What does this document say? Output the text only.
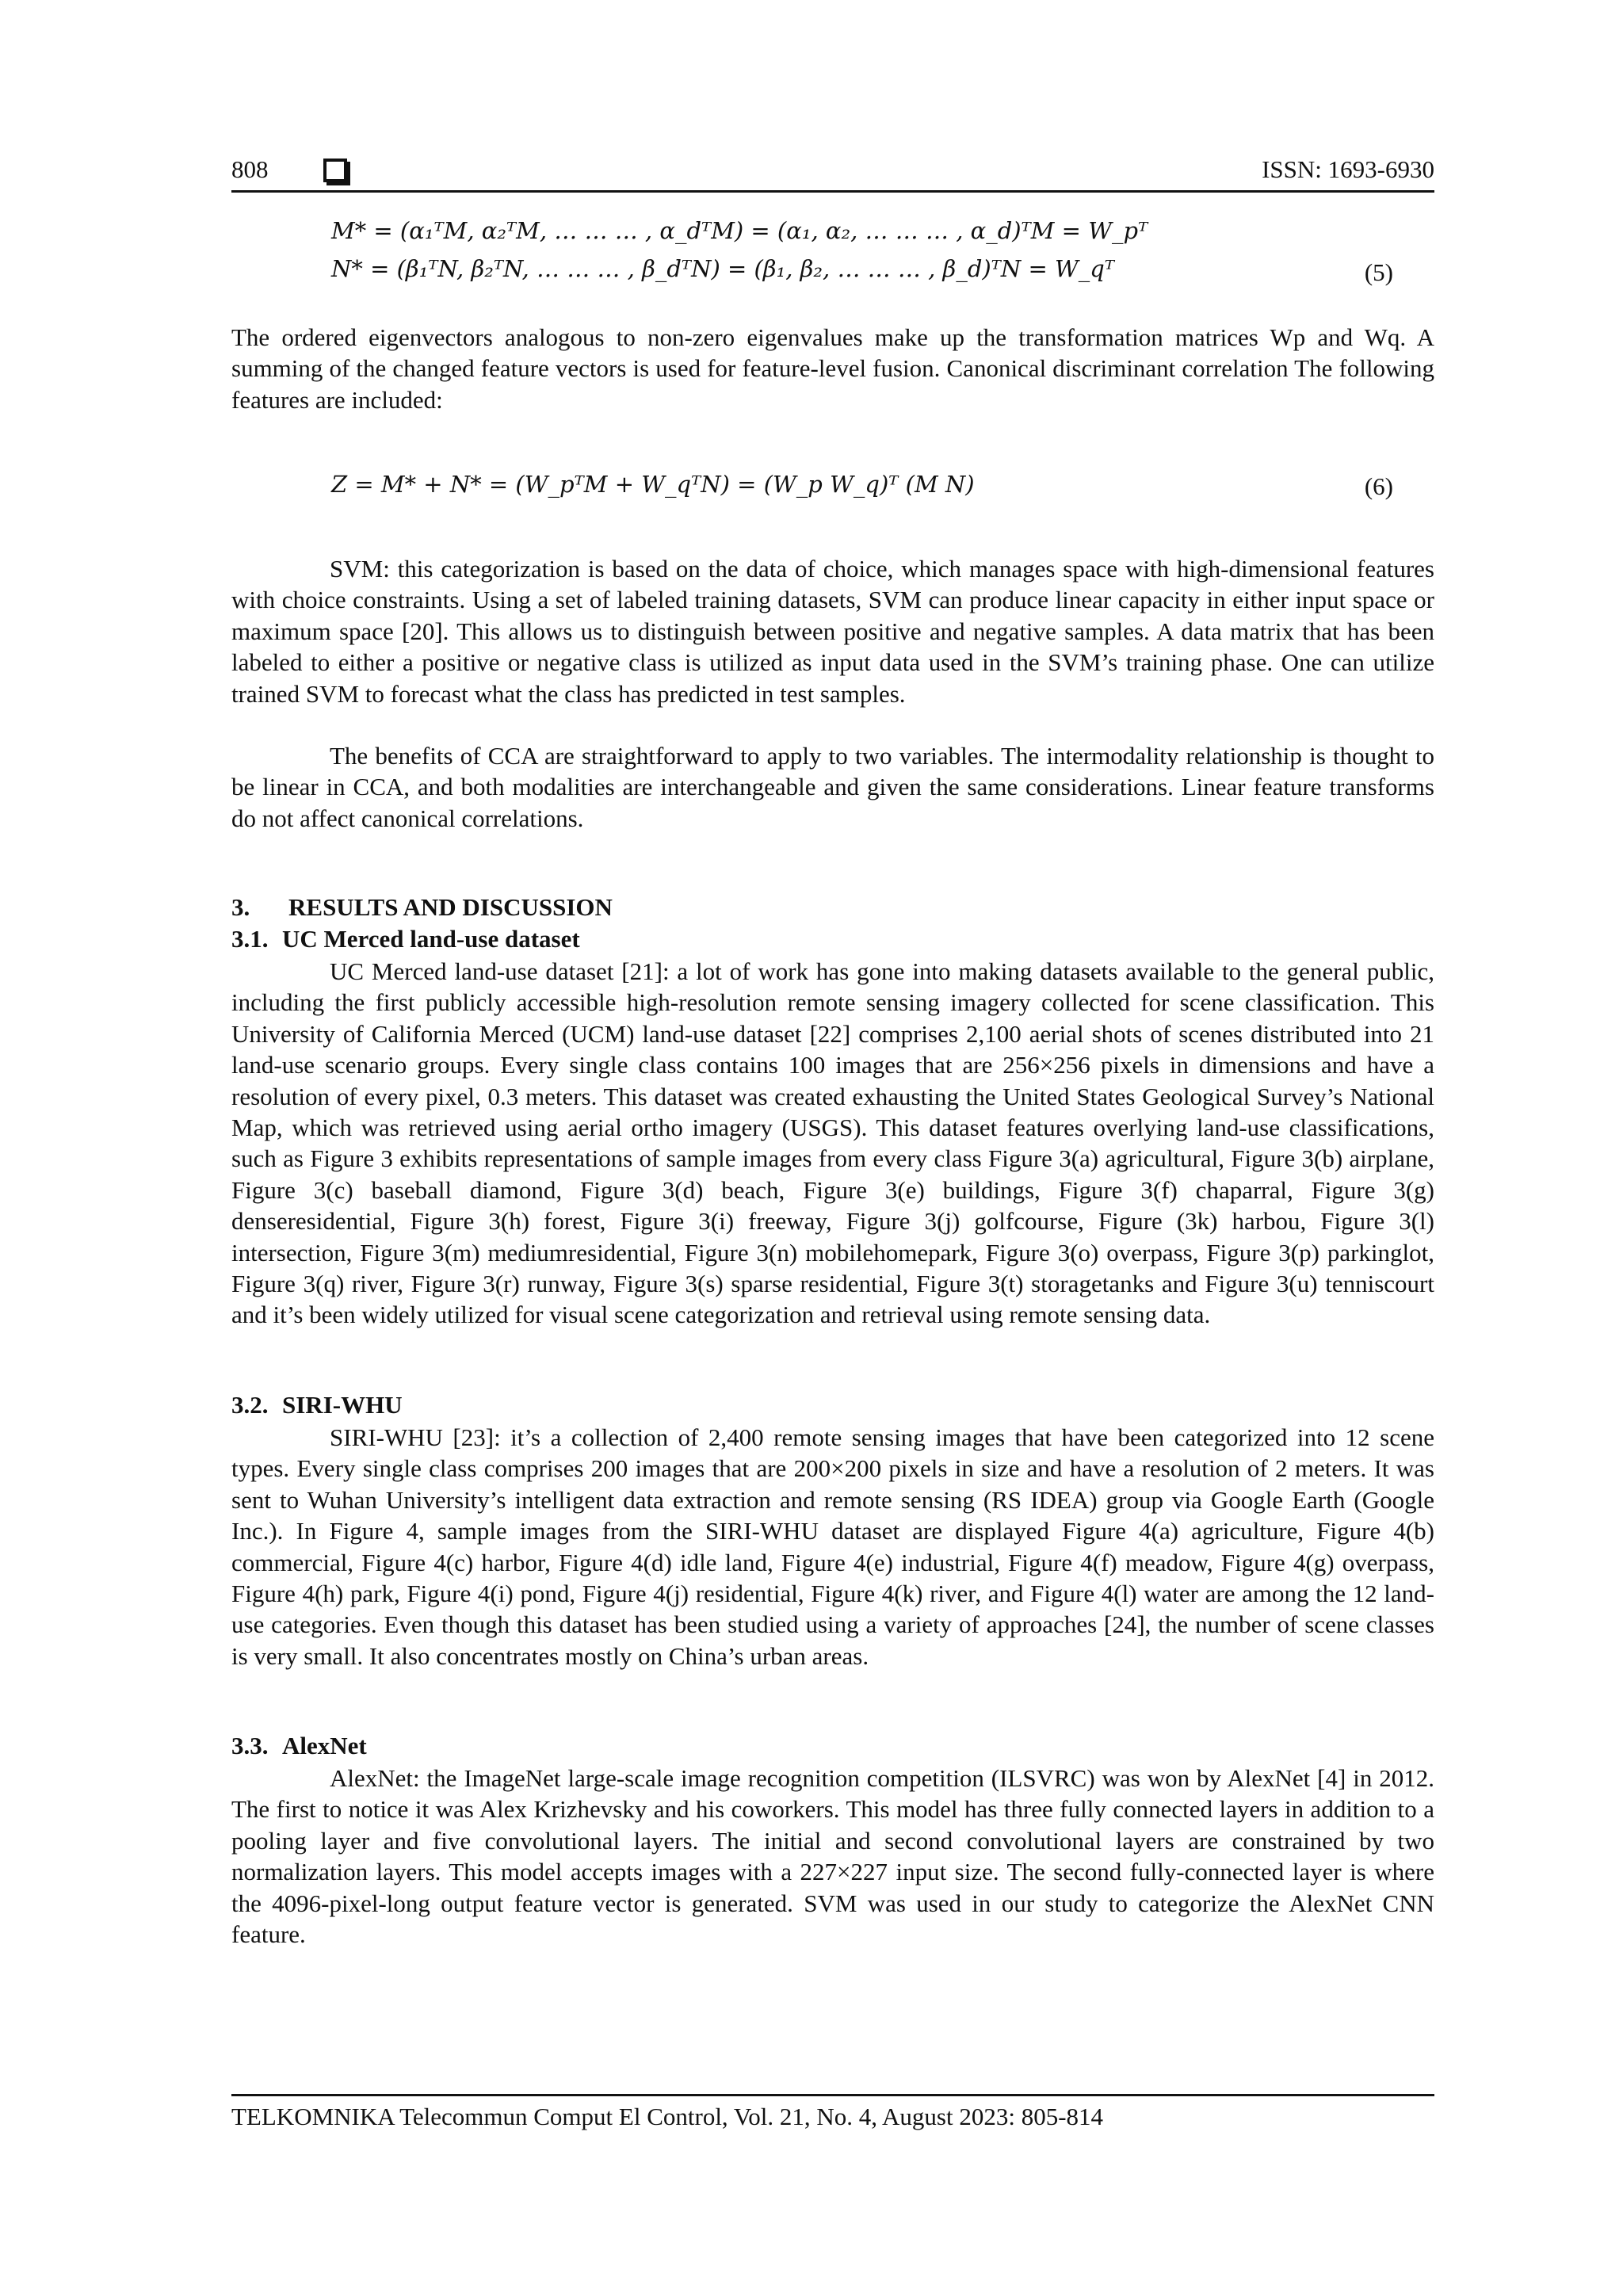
808	ISSN: 1693-6930
M* = (α₁ᵀM, α₂ᵀM, … … … , α_dᵀM) = (α₁, α₂, … … … , α_d)ᵀM = W_pᵀ
N* = (β₁ᵀN, β₂ᵀN, … … … , β_dᵀN) = (β₁, β₂, … … … , β_d)ᵀN = W_qᵀ	(5)

The ordered eigenvectors analogous to non-zero eigenvalues make up the transformation matrices Wp and Wq. A summing of the changed feature vectors is used for feature-level fusion. Canonical discriminant correlation The following features are included:

Z = M* + N* = (W_pᵀM + W_qᵀN) = (W_p W_q)ᵀ (M N)	(6)

SVM: this categorization is based on the data of choice, which manages space with high-dimensional features with choice constraints. Using a set of labeled training datasets, SVM can produce linear capacity in either input space or maximum space [20]. This allows us to distinguish between positive and negative samples. A data matrix that has been labeled to either a positive or negative class is utilized as input data used in the SVM’s training phase. One can utilize trained SVM to forecast what the class has predicted in test samples.

The benefits of CCA are straightforward to apply to two variables. The intermodality relationship is thought to be linear in CCA, and both modalities are interchangeable and given the same considerations. Linear feature transforms do not affect canonical correlations.

3. RESULTS AND DISCUSSION
3.1. UC Merced land-use dataset

UC Merced land-use dataset [21]: a lot of work has gone into making datasets available to the general public, including the first publicly accessible high-resolution remote sensing imagery collected for scene classification. This University of California Merced (UCM) land-use dataset [22] comprises 2,100 aerial shots of scenes distributed into 21 land-use scenario groups. Every single class contains 100 images that are 256×256 pixels in dimensions and have a resolution of every pixel, 0.3 meters. This dataset was created exhausting the United States Geological Survey’s National Map, which was retrieved using aerial ortho imagery (USGS). This dataset features overlying land-use classifications, such as Figure 3 exhibits representations of sample images from every class Figure 3(a) agricultural, Figure 3(b) airplane, Figure 3(c) baseball diamond, Figure 3(d) beach, Figure 3(e) buildings, Figure 3(f) chaparral, Figure 3(g) denseresidential, Figure 3(h) forest, Figure 3(i) freeway, Figure 3(j) golfcourse, Figure (3k) harbou, Figure 3(l) intersection, Figure 3(m) mediumresidential, Figure 3(n) mobilehomepark, Figure 3(o) overpass, Figure 3(p) parkinglot, Figure 3(q) river, Figure 3(r) runway, Figure 3(s) sparse residential, Figure 3(t) storagetanks and Figure 3(u) tenniscourt and it’s been widely utilized for visual scene categorization and retrieval using remote sensing data.

3.2. SIRI-WHU

SIRI-WHU [23]: it’s a collection of 2,400 remote sensing images that have been categorized into 12 scene types. Every single class comprises 200 images that are 200×200 pixels in size and have a resolution of 2 meters. It was sent to Wuhan University’s intelligent data extraction and remote sensing (RS IDEA) group via Google Earth (Google Inc.). In Figure 4, sample images from the SIRI-WHU dataset are displayed Figure 4(a) agriculture, Figure 4(b) commercial, Figure 4(c) harbor, Figure 4(d) idle land, Figure 4(e) industrial, Figure 4(f) meadow, Figure 4(g) overpass, Figure 4(h) park, Figure 4(i) pond, Figure 4(j) residential, Figure 4(k) river, and Figure 4(l) water are among the 12 land-use categories. Even though this dataset has been studied using a variety of approaches [24], the number of scene classes is very small. It also concentrates mostly on China’s urban areas.

3.3. AlexNet

AlexNet: the ImageNet large-scale image recognition competition (ILSVRC) was won by AlexNet [4] in 2012. The first to notice it was Alex Krizhevsky and his coworkers. This model has three fully connected layers in addition to a pooling layer and five convolutional layers. The initial and second convolutional layers are constrained by two normalization layers. This model accepts images with a 227×227 input size. The second fully-connected layer is where the 4096-pixel-long output feature vector is generated. SVM was used in our study to categorize the AlexNet CNN feature.

TELKOMNIKA Telecommun Comput El Control, Vol. 21, No. 4, August 2023: 805-814
